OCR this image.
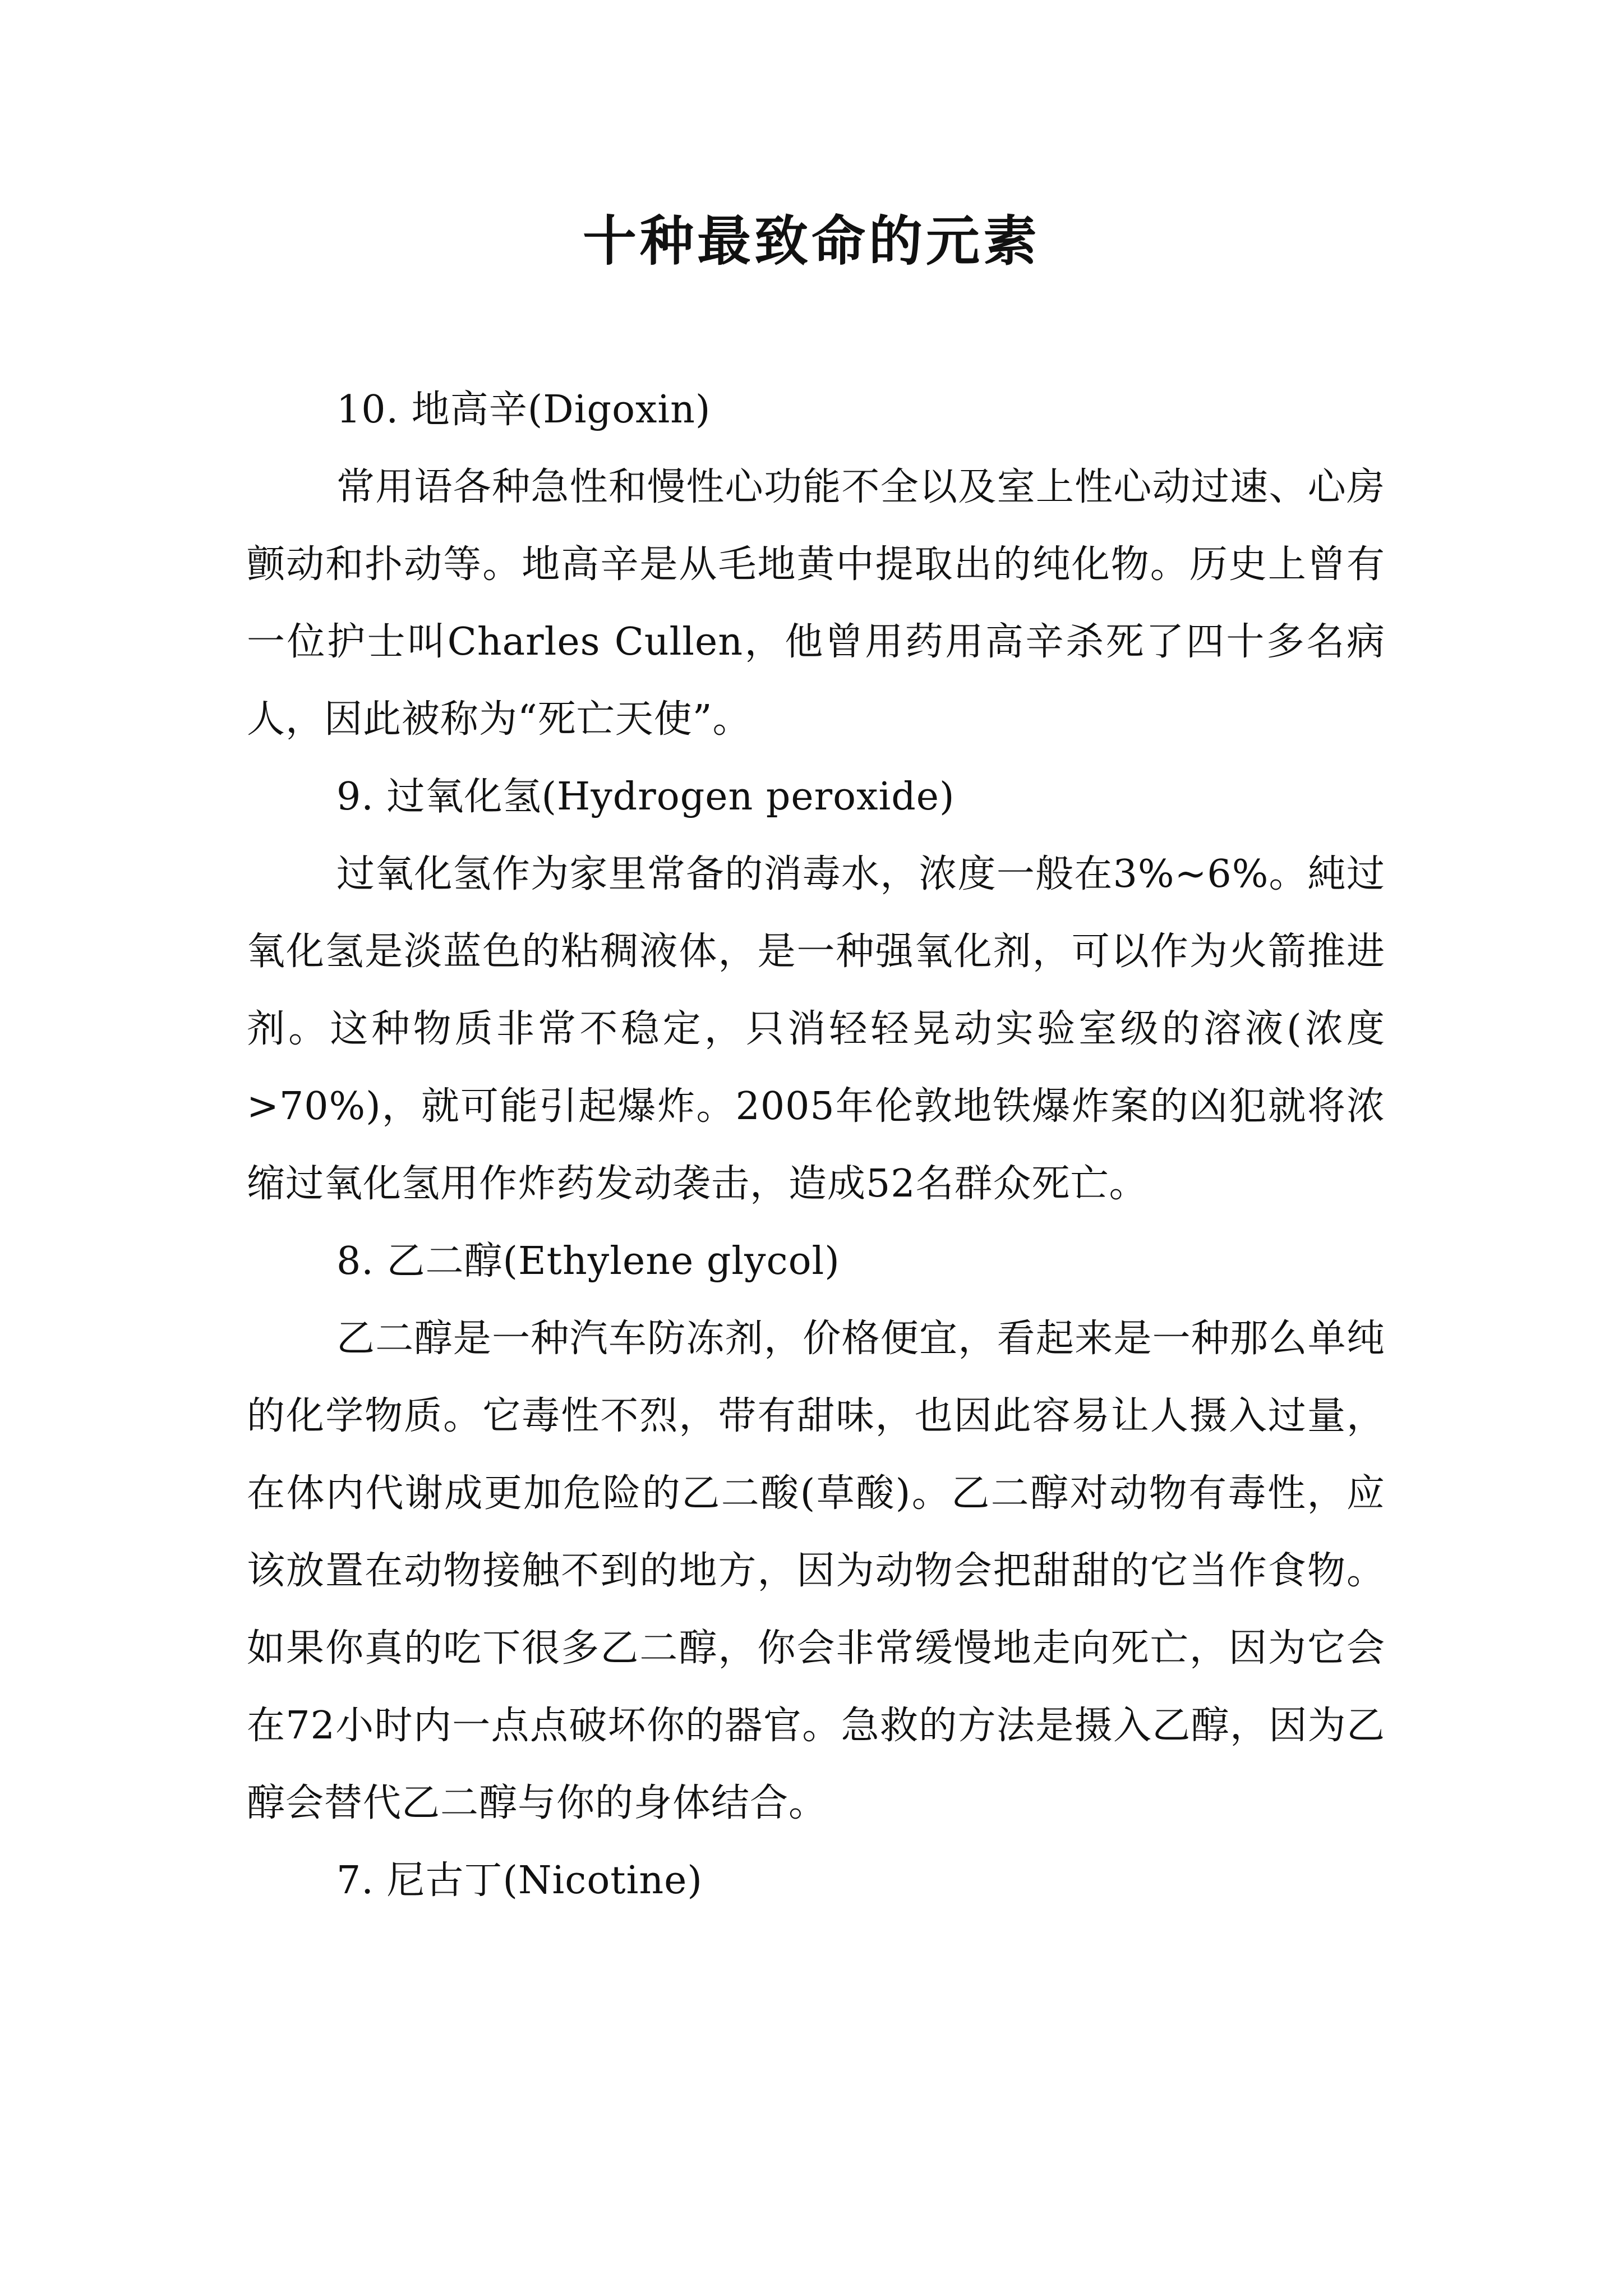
十种最致命的元素

10. 地高辛(Digoxin)

常用语各种急性和慢性心功能不全以及室上性心动过速、心房颤动和扑动等。地高辛是从毛地黄中提取出的纯化物。历史上曾有一位护士叫Charles Cullen，他曾用药用高辛杀死了四十多名病人，因此被称为“死亡天使”。

9. 过氧化氢(Hydrogen peroxide)

过氧化氢作为家里常备的消毒水，浓度一般在3%~6%。純过氧化氢是淡蓝色的粘稠液体，是一种强氧化剂，可以作为火箭推进剂。这种物质非常不稳定，只消轻轻晃动实验室级的溶液(浓度>70%)，就可能引起爆炸。2005年伦敦地铁爆炸案的凶犯就将浓缩过氧化氢用作炸药发动袭击，造成52名群众死亡。

8. 乙二醇(Ethylene glycol)

乙二醇是一种汽车防冻剂，价格便宜，看起来是一种那么单纯的化学物质。它毒性不烈，带有甜味，也因此容易让人摄入过量，在体内代谢成更加危险的乙二酸(草酸)。乙二醇对动物有毒性，应该放置在动物接触不到的地方，因为动物会把甜甜的它当作食物。如果你真的吃下很多乙二醇，你会非常缓慢地走向死亡，因为它会在72小时内一点点破坏你的器官。急救的方法是摄入乙醇，因为乙醇会替代乙二醇与你的身体结合。

7. 尼古丁(Nicotine)
